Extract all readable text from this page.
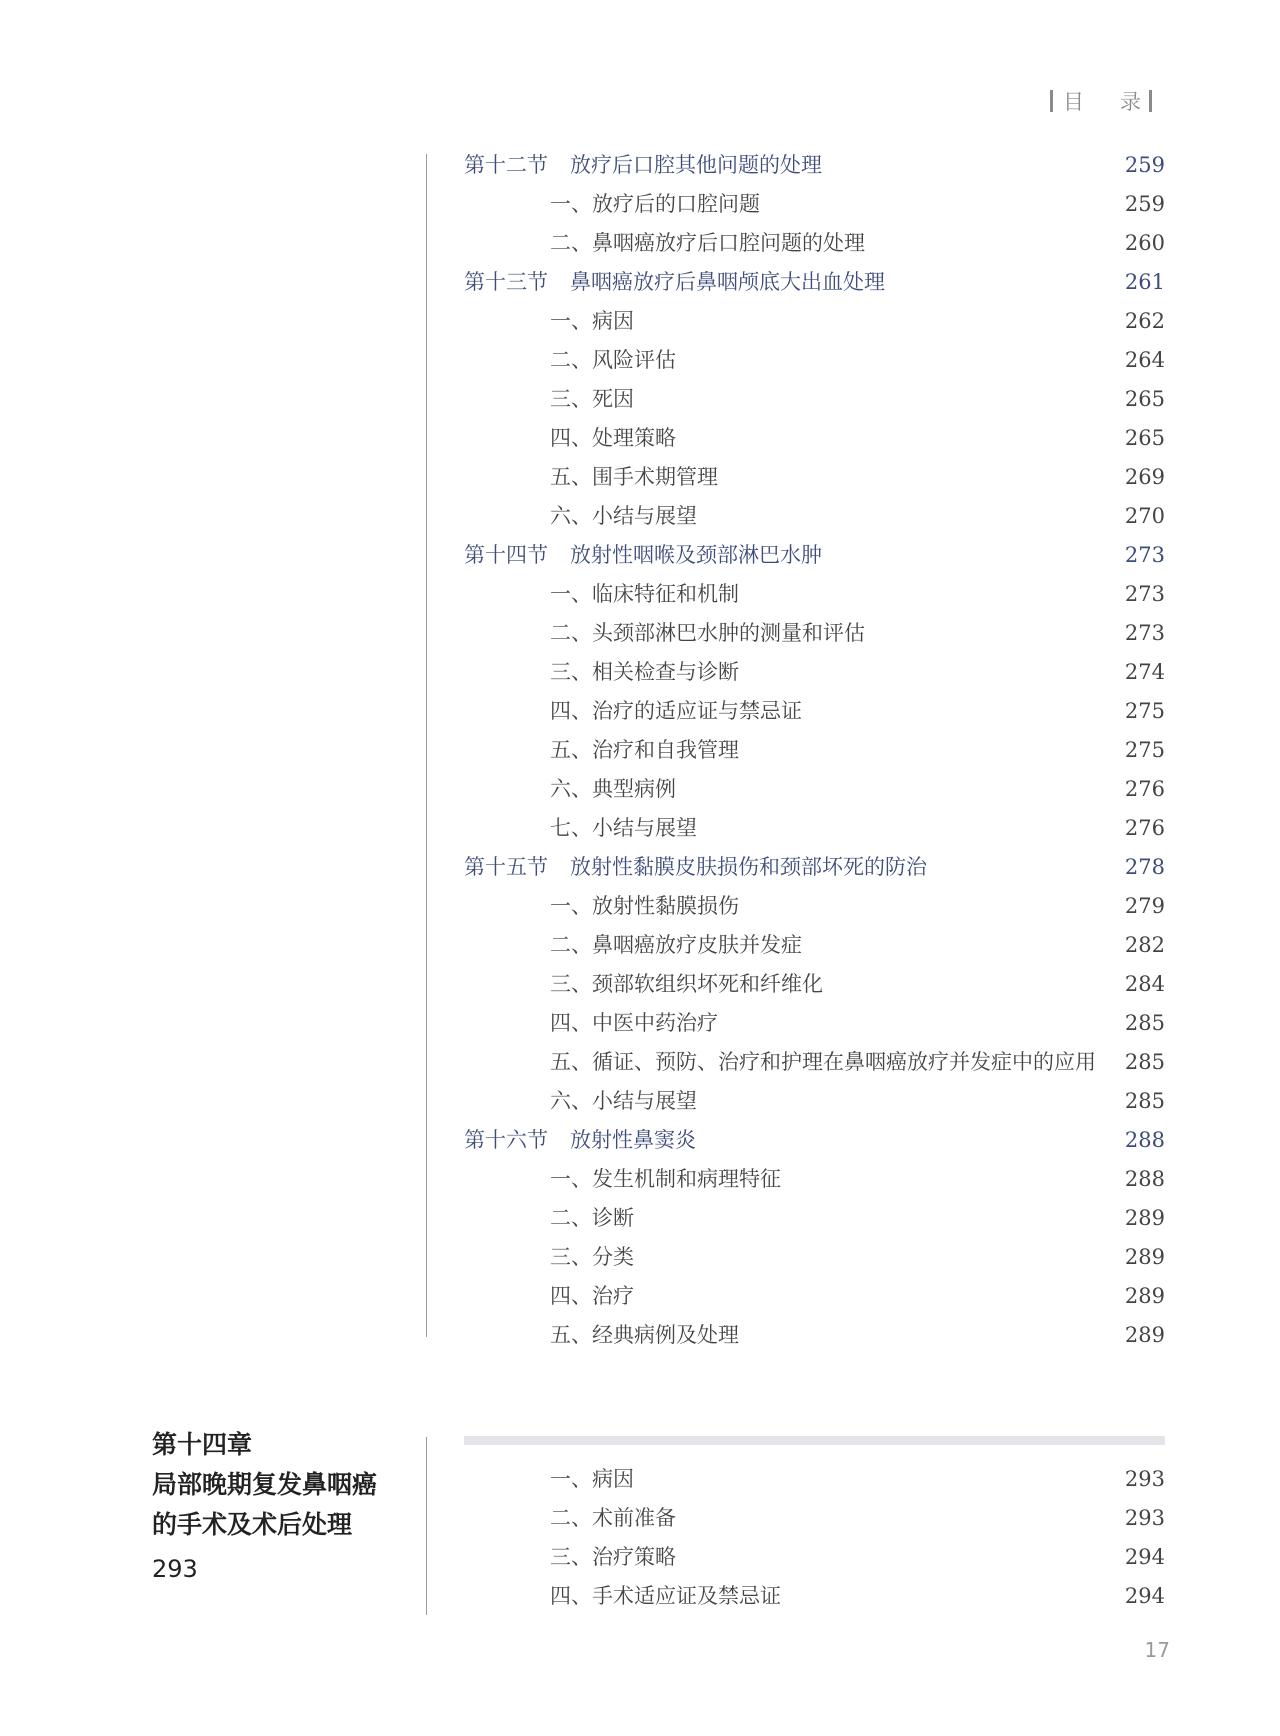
目 录
第十二节 放疗后口腔其他问题的处理	259
一、放疗后的口腔问题	259
二、鼻咽癌放疗后口腔问题的处理	260
第十三节 鼻咽癌放疗后鼻咽颅底大出血处理	261
一、病因	262
二、风险评估	264
三、死因	265
四、处理策略	265
五、围手术期管理	269
六、小结与展望	270
第十四节 放射性咽喉及颈部淋巴水肿	273
一、临床特征和机制	273
二、头颈部淋巴水肿的测量和评估	273
三、相关检查与诊断	274
四、治疗的适应证与禁忌证	275
五、治疗和自我管理	275
六、典型病例	276
七、小结与展望	276
第十五节 放射性黏膜皮肤损伤和颈部坏死的防治	278
一、放射性黏膜损伤	279
二、鼻咽癌放疗皮肤并发症	282
三、颈部软组织坏死和纤维化	284
四、中医中药治疗	285
五、循证、预防、治疗和护理在鼻咽癌放疗并发症中的应用 285
六、小结与展望	285
第十六节 放射性鼻窦炎	288
一、发生机制和病理特征	288
二、诊断	289
三、分类	289
四、治疗	289
五、经典病例及处理	289
第十四章
局部晚期复发鼻咽癌
的手术及术后处理
293
一、病因	293
二、术前准备	293
三、治疗策略	294
四、手术适应证及禁忌证	294
17
